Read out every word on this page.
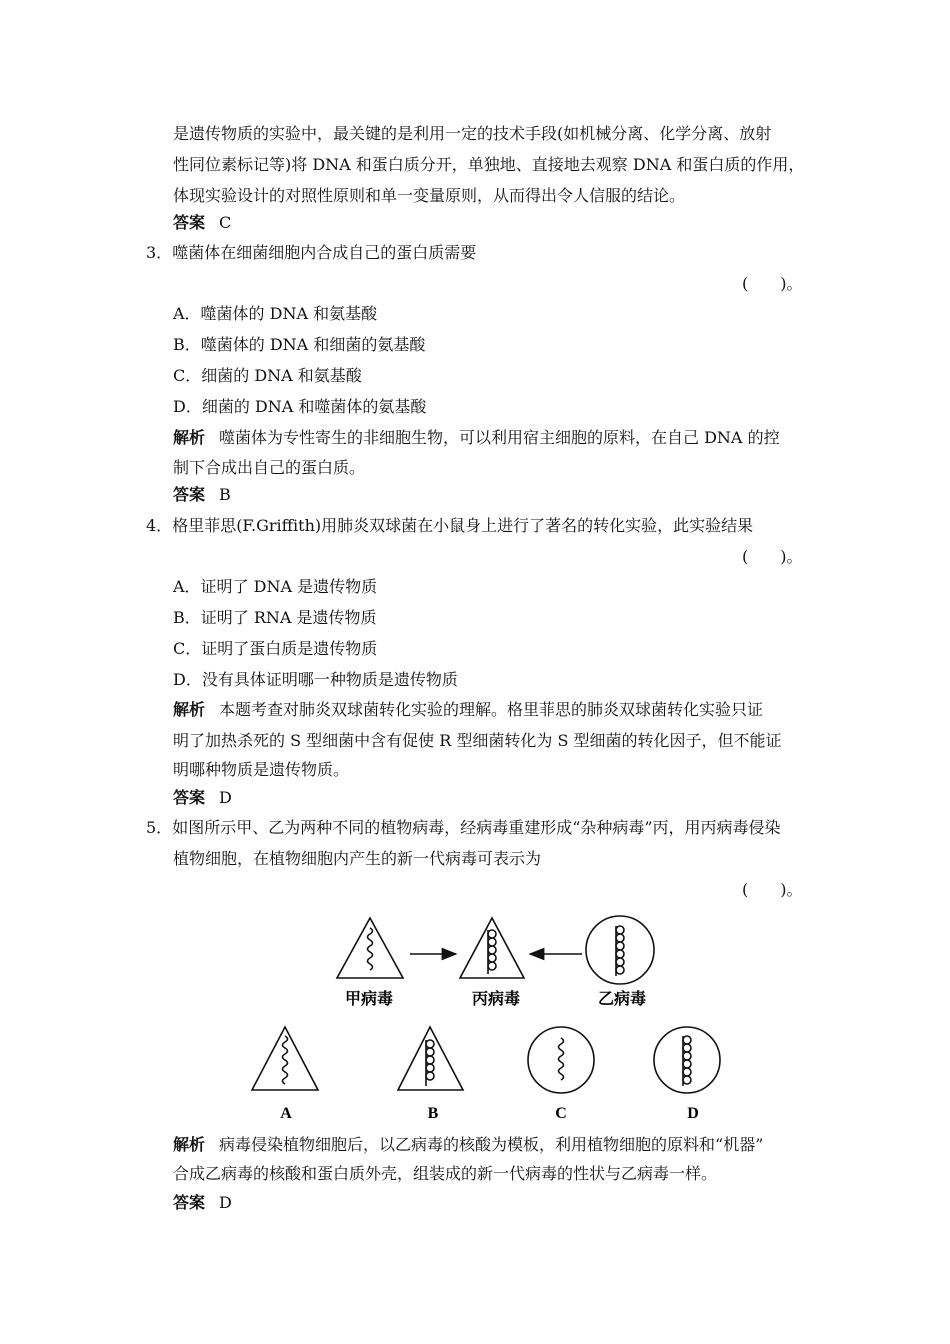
是遗传物质的实验中，最关键的是利用一定的技术手段(如机械分离、化学分离、放射
性同位素标记等)将 DNA 和蛋白质分开，单独地、直接地去观察 DNA 和蛋白质的作用，
体现实验设计的对照性原则和单一变量原则，从而得出令人信服的结论。
答案 C
3．噬菌体在细菌细胞内合成自己的蛋白质需要
(　　)。
A．噬菌体的 DNA 和氨基酸
B．噬菌体的 DNA 和细菌的氨基酸
C．细菌的 DNA 和氨基酸
D．细菌的 DNA 和噬菌体的氨基酸
解析 噬菌体为专性寄生的非细胞生物，可以利用宿主细胞的原料，在自己 DNA 的控
制下合成出自己的蛋白质。
答案 B
4．格里菲思(F.Griffith)用肺炎双球菌在小鼠身上进行了著名的转化实验，此实验结果
(　　)。
A．证明了 DNA 是遗传物质
B．证明了 RNA 是遗传物质
C．证明了蛋白质是遗传物质
D．没有具体证明哪一种物质是遗传物质
解析 本题考查对肺炎双球菌转化实验的理解。格里菲思的肺炎双球菌转化实验只证
明了加热杀死的 S 型细菌中含有促使 R 型细菌转化为 S 型细菌的转化因子，但不能证
明哪种物质是遗传物质。
答案 D
5．如图所示甲、乙为两种不同的植物病毒，经病毒重建形成“杂种病毒”丙，用丙病毒侵染
植物细胞，在植物细胞内产生的新一代病毒可表示为
(　　)。
甲病毒	丙病毒	乙病毒
A	B	C	D
解析 病毒侵染植物细胞后，以乙病毒的核酸为模板，利用植物细胞的原料和“机器”
合成乙病毒的核酸和蛋白质外壳，组装成的新一代病毒的性状与乙病毒一样。
答案 D
